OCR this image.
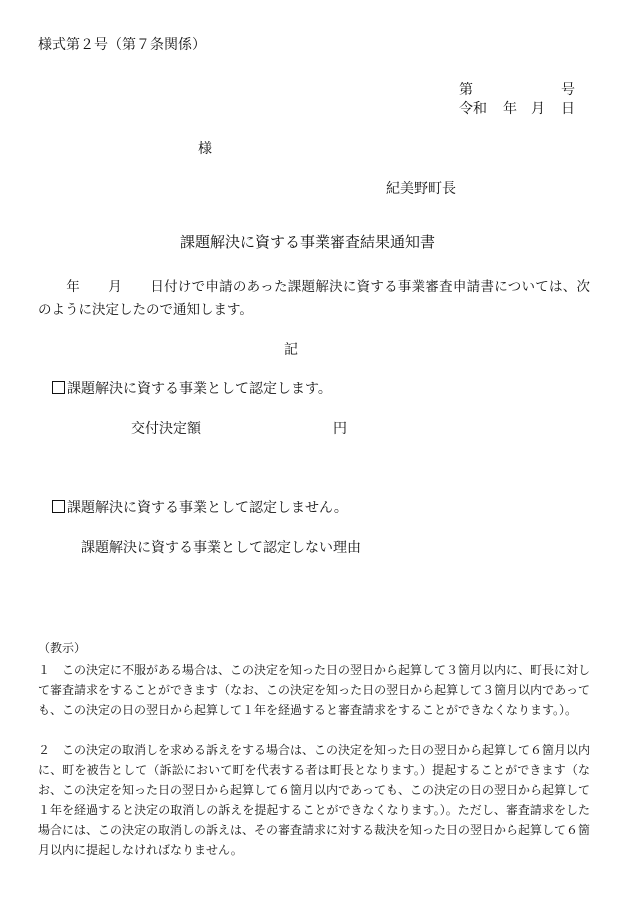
様式第２号（第７条関係）
第	号
令和 年 月 日
様
紀美野町長
課題解決に資する事業審査結果通知書
年 月 日付けで申請のあった課題解決に資する事業審査申請書については、次のように決定したので通知します。
記
課題解決に資する事業として認定します。
交付決定額	円
課題解決に資する事業として認定しません。
課題解決に資する事業として認定しない理由
（教示）
１　この決定に不服がある場合は、この決定を知った日の翌日から起算して３箇月以内に、町長に対して審査請求をすることができます（なお、この決定を知った日の翌日から起算して３箇月以内であっても、この決定の日の翌日から起算して１年を経過すると審査請求をすることができなくなります。）。
２　この決定の取消しを求める訴えをする場合は、この決定を知った日の翌日から起算して６箇月以内に、町を被告として（訴訟において町を代表する者は町長となります。）提起することができます（なお、この決定を知った日の翌日から起算して６箇月以内であっても、この決定の日の翌日から起算して１年を経過すると決定の取消しの訴えを提起することができなくなります。）。ただし、審査請求をした場合には、この決定の取消しの訴えは、その審査請求に対する裁決を知った日の翌日から起算して６箇月以内に提起しなければなりません。
